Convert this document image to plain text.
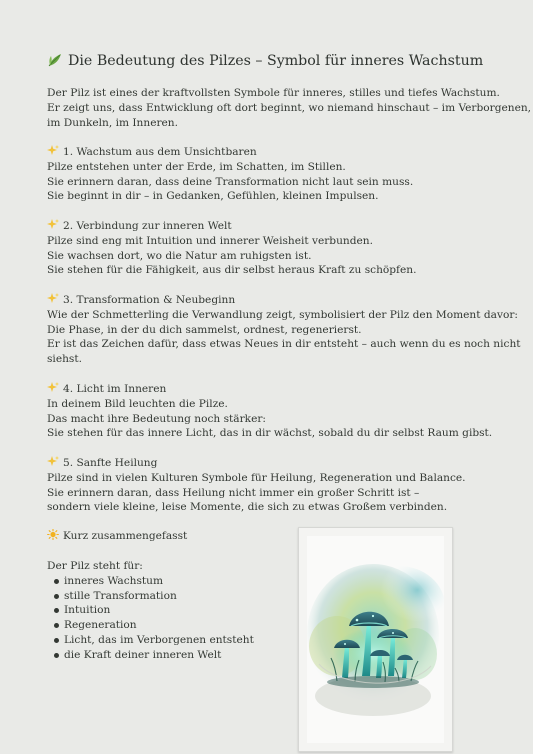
Die Bedeutung des Pilzes – Symbol für inneres Wachstum
Der Pilz ist eines der kraftvollsten Symbole für inneres, stilles und tiefes Wachstum.
Er zeigt uns, dass Entwicklung oft dort beginnt, wo niemand hinschaut – im Verborgenen,
im Dunkeln, im Inneren.
1. Wachstum aus dem Unsichtbaren
Pilze entstehen unter der Erde, im Schatten, im Stillen.
Sie erinnern daran, dass deine Transformation nicht laut sein muss.
Sie beginnt in dir – in Gedanken, Gefühlen, kleinen Impulsen.
2. Verbindung zur inneren Welt
Pilze sind eng mit Intuition und innerer Weisheit verbunden.
Sie wachsen dort, wo die Natur am ruhigsten ist.
Sie stehen für die Fähigkeit, aus dir selbst heraus Kraft zu schöpfen.
3. Transformation & Neubeginn
Wie der Schmetterling die Verwandlung zeigt, symbolisiert der Pilz den Moment davor:
Die Phase, in der du dich sammelst, ordnest, regenerierst.
Er ist das Zeichen dafür, dass etwas Neues in dir entsteht – auch wenn du es noch nicht
siehst.
4. Licht im Inneren
In deinem Bild leuchten die Pilze.
Das macht ihre Bedeutung noch stärker:
Sie stehen für das innere Licht, das in dir wächst, sobald du dir selbst Raum gibst.
5. Sanfte Heilung
Pilze sind in vielen Kulturen Symbole für Heilung, Regeneration und Balance.
Sie erinnern daran, dass Heilung nicht immer ein großer Schritt ist –
sondern viele kleine, leise Momente, die sich zu etwas Großem verbinden.
Kurz zusammengefasst
Der Pilz steht für:
inneres Wachstum
stille Transformation
Intuition
Regeneration
Licht, das im Verborgenen entsteht
die Kraft deiner inneren Welt
